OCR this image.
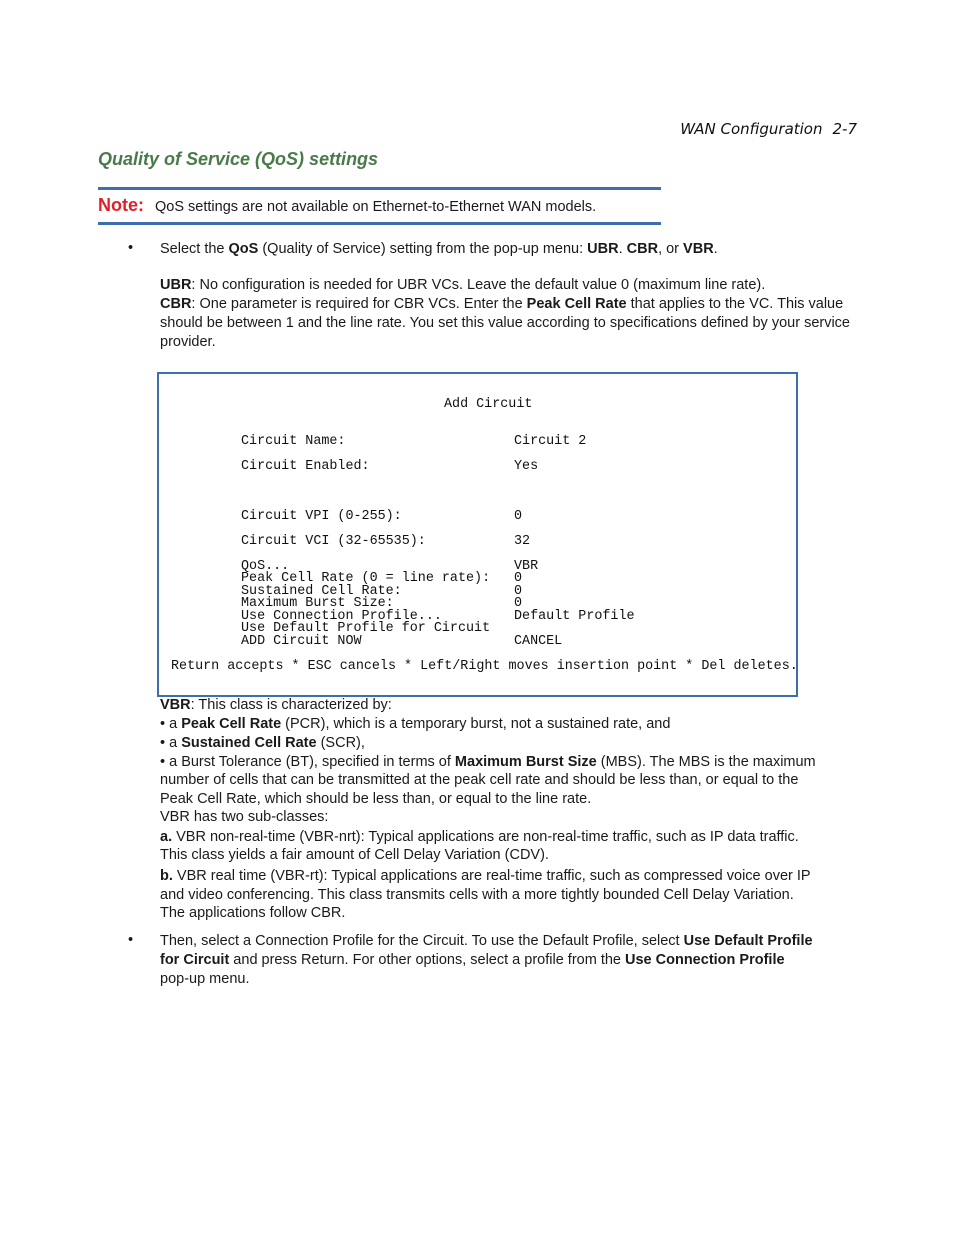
WAN Configuration 2-7
Quality of Service (QoS) settings
Note: QoS settings are not available on Ethernet-to-Ethernet WAN models.
• Select the QoS (Quality of Service) setting from the pop-up menu: UBR. CBR, or VBR.
UBR: No configuration is needed for UBR VCs. Leave the default value 0 (maximum line rate).
CBR: One parameter is required for CBR VCs. Enter the Peak Cell Rate that applies to the VC. This value should be between 1 and the line rate. You set this value according to specifications defined by your service provider.
Add Circuit
Circuit Name:	Circuit 2
Circuit Enabled:	Yes
Circuit VPI (0-255):	0
Circuit VCI (32-65535):	32
QoS...	VBR
Peak Cell Rate (0 = line rate): 0
Sustained Cell Rate:	0
Maximum Burst Size:	0
Use Connection Profile...	Default Profile
Use Default Profile for Circuit
ADD Circuit NOW	CANCEL
Return accepts * ESC cancels * Left/Right moves insertion point * Del deletes.
VBR: This class is characterized by:
• a Peak Cell Rate (PCR), which is a temporary burst, not a sustained rate, and
• a Sustained Cell Rate (SCR),
• a Burst Tolerance (BT), specified in terms of Maximum Burst Size (MBS). The MBS is the maximum
number of cells that can be transmitted at the peak cell rate and should be less than, or equal to the
Peak Cell Rate, which should be less than, or equal to the line rate.
VBR has two sub-classes:
a. VBR non-real-time (VBR-nrt): Typical applications are non-real-time traffic, such as IP data traffic.
This class yields a fair amount of Cell Delay Variation (CDV).
b. VBR real time (VBR-rt): Typical applications are real-time traffic, such as compressed voice over IP
and video conferencing. This class transmits cells with a more tightly bounded Cell Delay Variation.
The applications follow CBR.
• Then, select a Connection Profile for the Circuit. To use the Default Profile, select Use Default Profile
for Circuit and press Return. For other options, select a profile from the Use Connection Profile
pop-up menu.
